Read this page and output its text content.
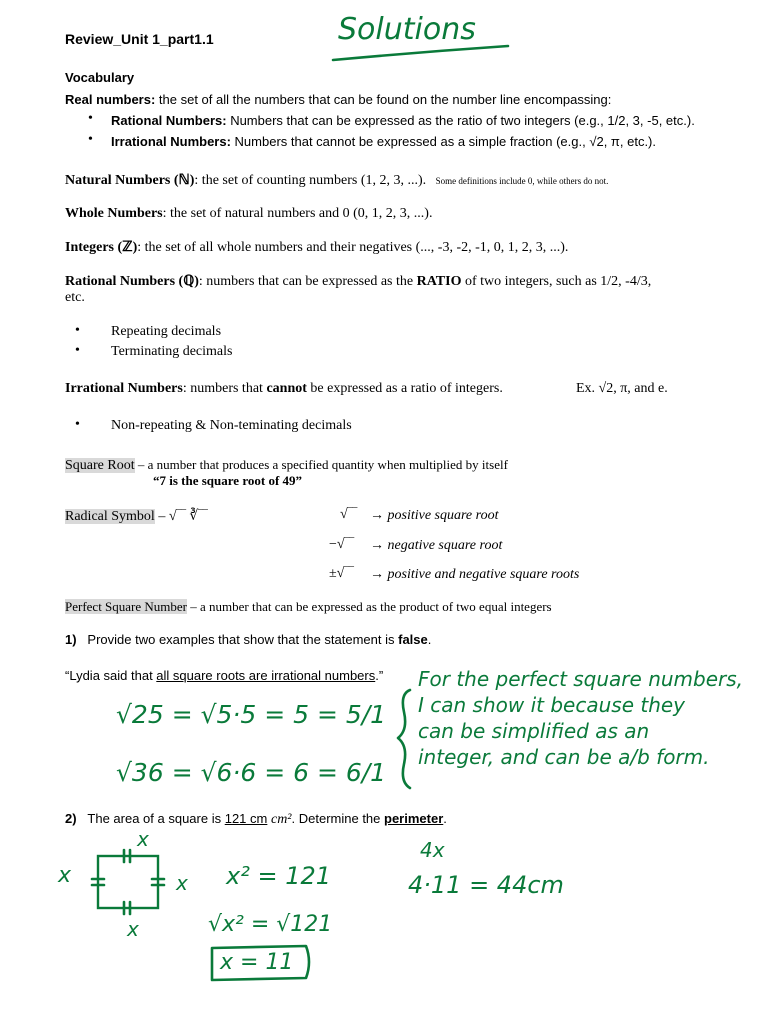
Review_Unit 1_part1.1	Solutions
Vocabulary
Real numbers: the set of all the numbers that can be found on the number line encompassing:
• Rational Numbers: Numbers that can be expressed as the ratio of two integers (e.g., 1/2, 3, -5, etc.).
• Irrational Numbers: Numbers that cannot be expressed as a simple fraction (e.g., √2, π, etc.).
Natural Numbers (ℕ): the set of counting numbers (1, 2, 3, ...). Some definitions include 0, while others do not.
Whole Numbers: the set of natural numbers and 0 (0, 1, 2, 3, ...).
Integers (ℤ): the set of all whole numbers and their negatives (..., -3, -2, -1, 0, 1, 2, 3, ...).
Rational Numbers (ℚ): numbers that can be expressed as the RATIO of two integers, such as 1/2, -4/3,
etc.
• Repeating decimals
• Terminating decimals
Irrational Numbers: numbers that cannot be expressed as a ratio of integers.	Ex. √2, π, and e.
• Non-repeating & Non-teminating decimals
Square Root – a number that produces a specified quantity when multiplied by itself
“7 is the square root of 49”
Radical Symbol – √‾‾ ∛‾‾	√‾‾ → positive square root
−√‾‾ → negative square root
±√‾‾ → positive and negative square roots
Perfect Square Number – a number that can be expressed as the product of two equal integers
1) Provide two examples that show that the statement is false.
“Lydia said that all square roots are irrational numbers.”
√25 = √5·5 = 5 = 5/1
√36 = √6·6 = 6 = 6/1
For the perfect square numbers,
I can show it because they
can be simplified as an
integer, and can be a/b form.
2) The area of a square is 121 cm cm². Determine the perimeter.
x
x	x
x
x² = 121
√x² = √121
x = 11
4x
4·11 = 44cm
